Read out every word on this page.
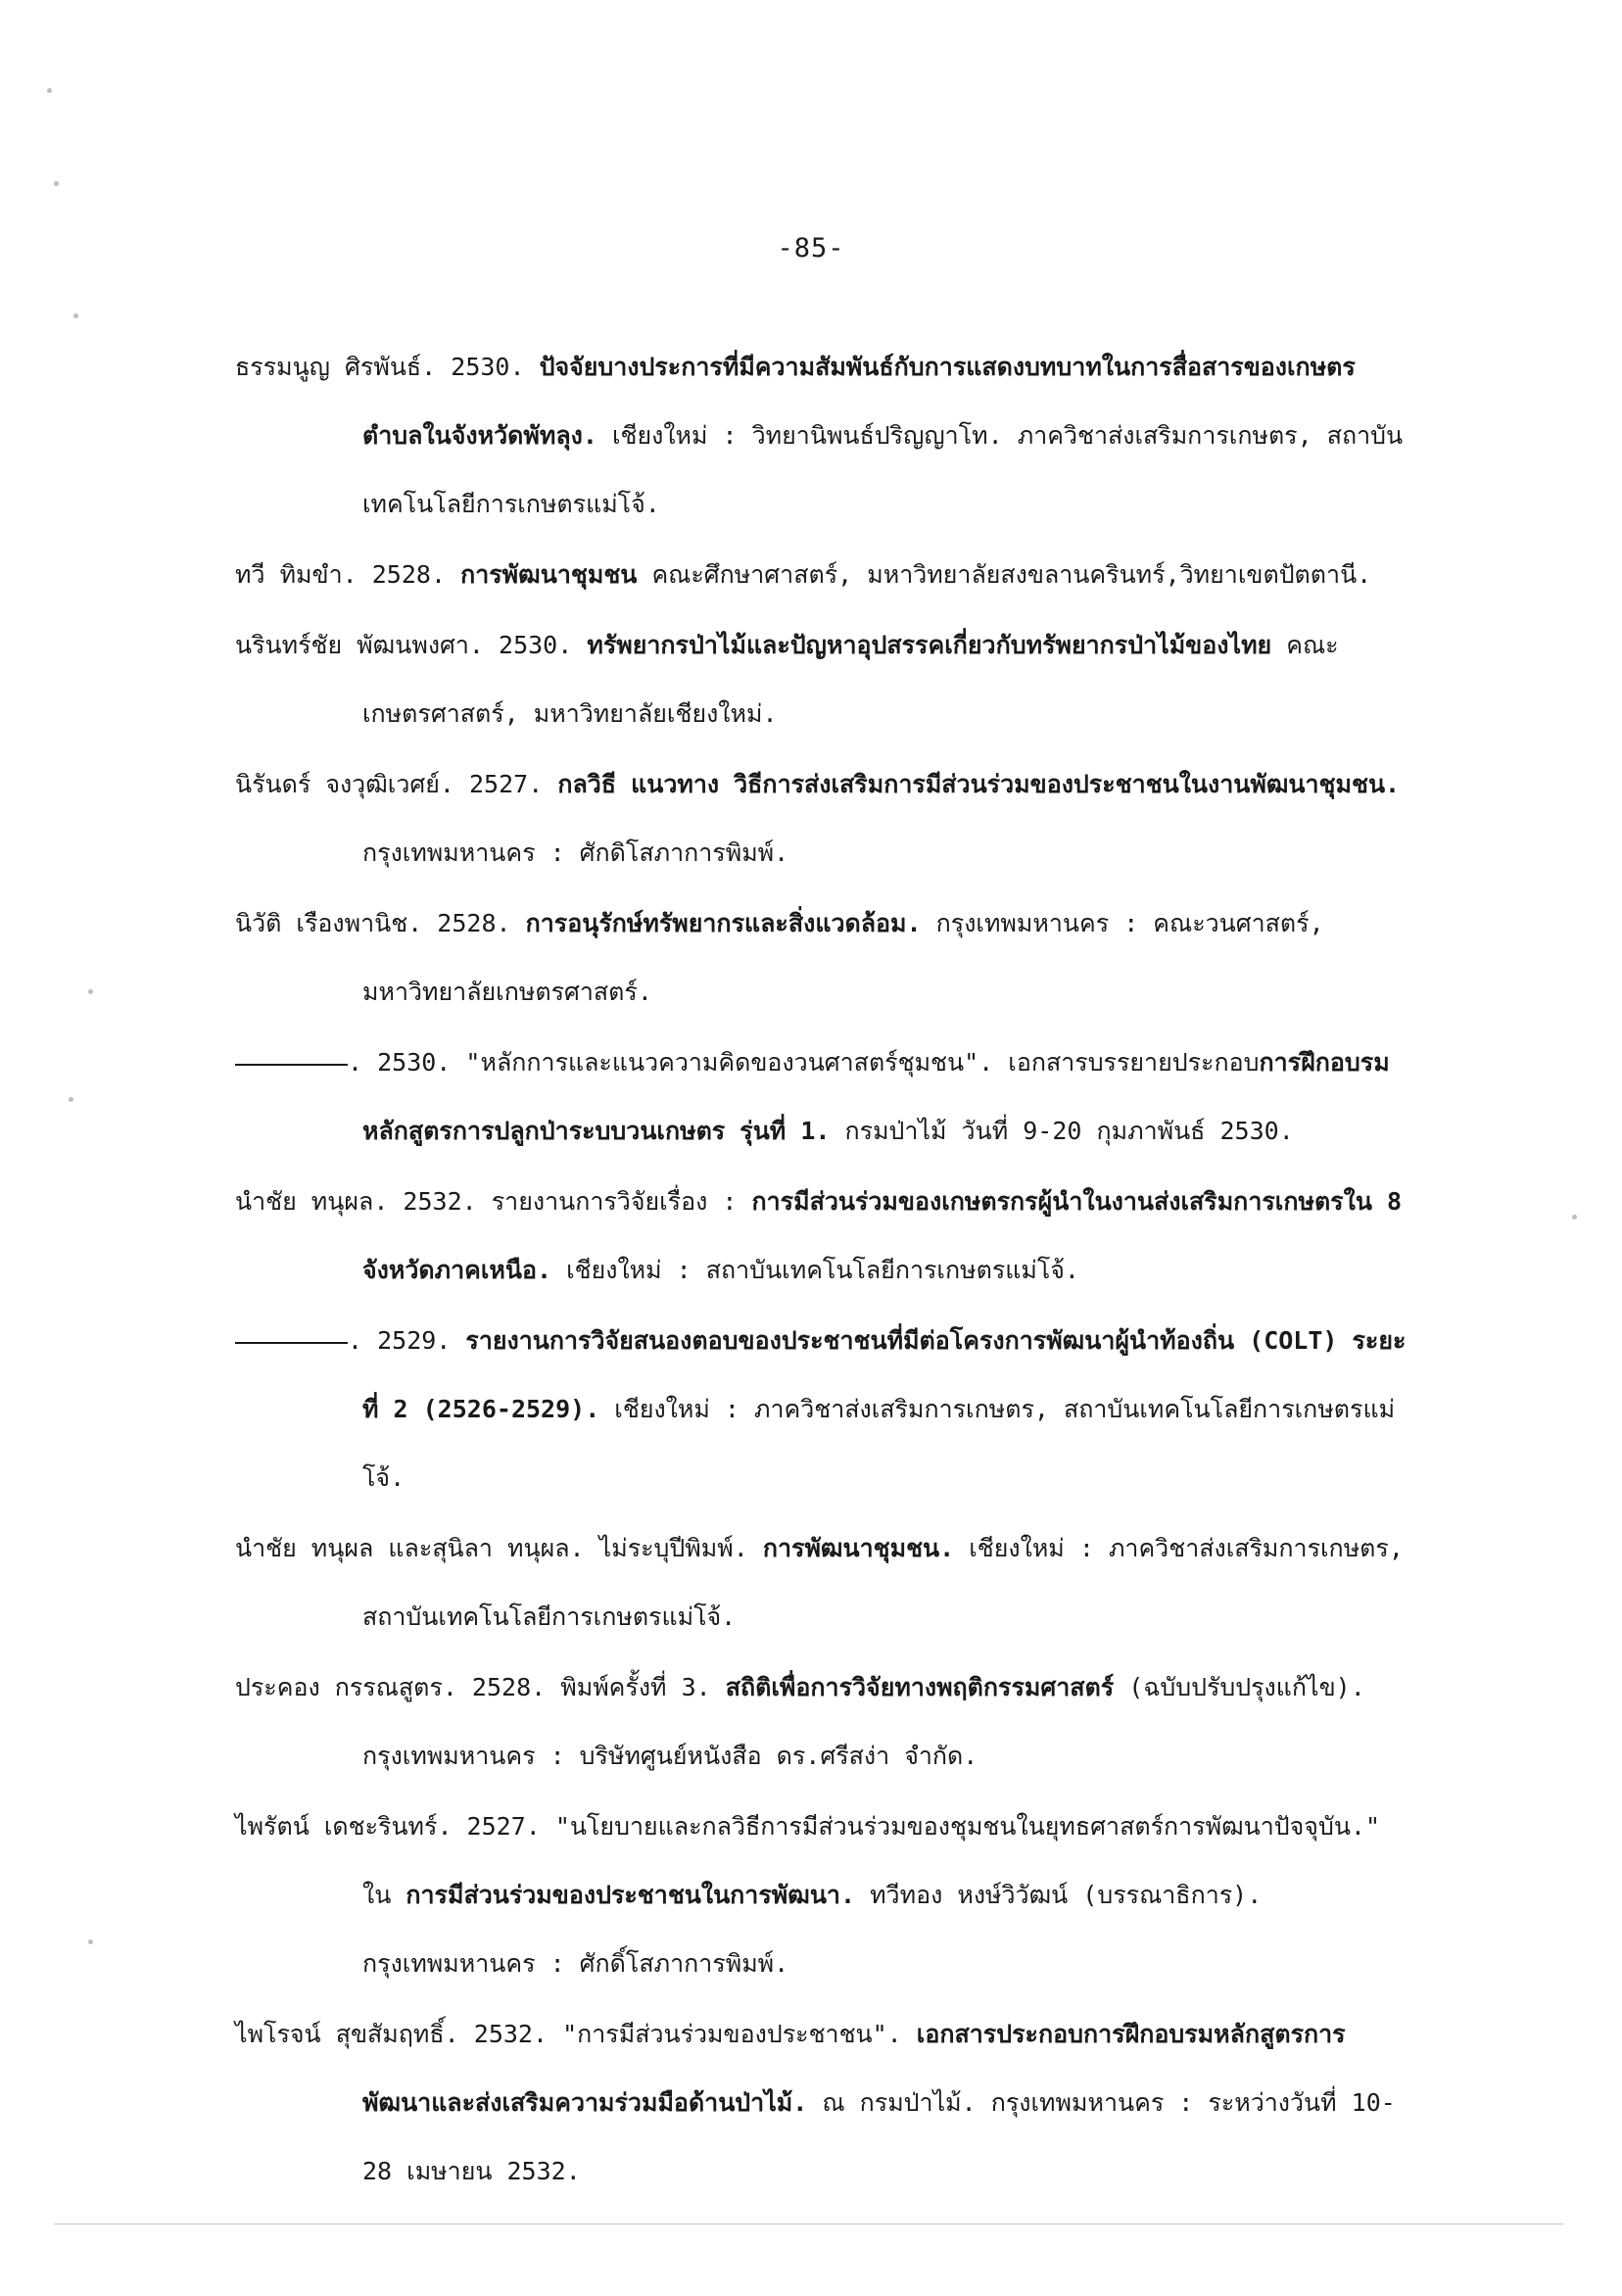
-85-

ธรรมนูญ ศิรพันธ์. 2530. ปัจจัยบางประการที่มีความสัมพันธ์กับการแสดงบทบาทในการสื่อสารของเกษตรตำบลในจังหวัดพัทลุง. เชียงใหม่ : วิทยานิพนธ์ปริญญาโท. ภาควิชาส่งเสริมการเกษตร, สถาบันเทคโนโลยีการเกษตรแม่โจ้.

ทวี ทิมขำ. 2528. การพัฒนาชุมชน คณะศึกษาศาสตร์, มหาวิทยาลัยสงขลานครินทร์,วิทยาเขตปัตตานี.

นรินทร์ชัย พัฒนพงศา. 2530. ทรัพยากรป่าไม้และปัญหาอุปสรรคเกี่ยวกับทรัพยากรป่าไม้ของไทย คณะเกษตรศาสตร์, มหาวิทยาลัยเชียงใหม่.

นิรันดร์ จงวุฒิเวศย์. 2527. กลวิธี แนวทาง วิธีการส่งเสริมการมีส่วนร่วมของประชาชนในงานพัฒนาชุมชน. กรุงเทพมหานคร : ศักดิโสภาการพิมพ์.

นิวัติ เรืองพานิช. 2528. การอนุรักษ์ทรัพยากรและสิ่งแวดล้อม. กรุงเทพมหานคร : คณะวนศาสตร์, มหาวิทยาลัยเกษตรศาสตร์.

. 2530. "หลักการและแนวความคิดของวนศาสตร์ชุมชน". เอกสารบรรยายประกอบการฝึกอบรมหลักสูตรการปลูกป่าระบบวนเกษตร รุ่นที่ 1. กรมป่าไม้ วันที่ 9-20 กุมภาพันธ์ 2530.

นำชัย ทนุผล. 2532. รายงานการวิจัยเรื่อง : การมีส่วนร่วมของเกษตรกรผู้นำในงานส่งเสริมการเกษตรใน 8 จังหวัดภาคเหนือ. เชียงใหม่ : สถาบันเทคโนโลยีการเกษตรแม่โจ้.

. 2529. รายงานการวิจัยสนองตอบของประชาชนที่มีต่อโครงการพัฒนาผู้นำท้องถิ่น (COLT) ระยะที่ 2 (2526-2529). เชียงใหม่ : ภาควิชาส่งเสริมการเกษตร, สถาบันเทคโนโลยีการเกษตรแม่โจ้.

นำชัย ทนุผล และสุนิลา ทนุผล. ไม่ระบุปีพิมพ์. การพัฒนาชุมชน. เชียงใหม่ : ภาควิชาส่งเสริมการเกษตร, สถาบันเทคโนโลยีการเกษตรแม่โจ้.

ประคอง กรรณสูตร. 2528. พิมพ์ครั้งที่ 3. สถิติเพื่อการวิจัยทางพฤติกรรมศาสตร์ (ฉบับปรับปรุงแก้ไข). กรุงเทพมหานคร : บริษัทศูนย์หนังสือ ดร.ศรีสง่า จำกัด.

ไพรัตน์ เดชะรินทร์. 2527. "นโยบายและกลวิธีการมีส่วนร่วมของชุมชนในยุทธศาสตร์การพัฒนาปัจจุบัน." ใน การมีส่วนร่วมของประชาชนในการพัฒนา. ทวีทอง หงษ์วิวัฒน์ (บรรณาธิการ). กรุงเทพมหานคร : ศักดิ์โสภาการพิมพ์.

ไพโรจน์ สุขสัมฤทธิ์. 2532. "การมีส่วนร่วมของประชาชน". เอกสารประกอบการฝึกอบรมหลักสูตรการพัฒนาและส่งเสริมความร่วมมือด้านป่าไม้. ณ กรมป่าไม้. กรุงเทพมหานคร : ระหว่างวันที่ 10-28 เมษายน 2532.
